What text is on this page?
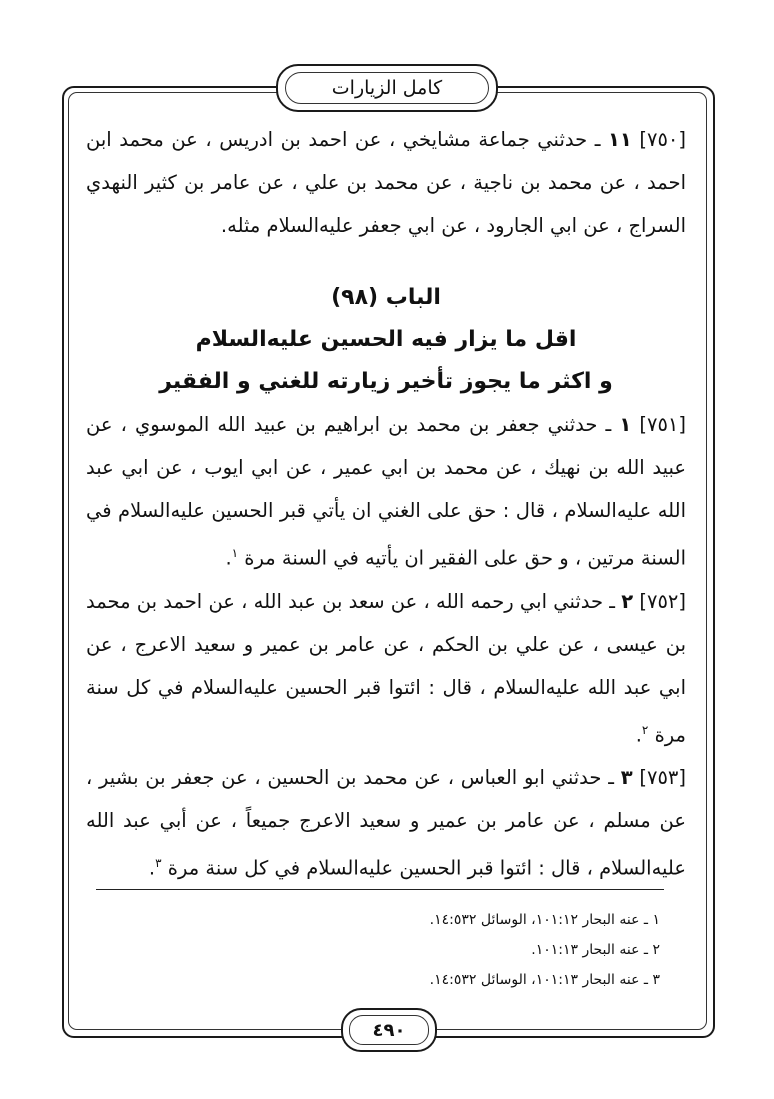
كامل الزيارات

[٧٥٠] ١١ ـ حدثني جماعة مشايخي ، عن احمد بن ادريس ، عن محمد ابن احمد ، عن محمد بن ناجية ، عن محمد بن علي ، عن عامر بن كثير النهدي السراج ، عن ابي الجارود ، عن ابي جعفر عليه‌السلام مثله.

الباب (٩٨)
اقل ما يزار فيه الحسين عليه‌السلام
و اكثر ما يجوز تأخير زيارته للغني و الفقير

[٧٥١] ١ ـ حدثني جعفر بن محمد بن ابراهيم بن عبيد الله الموسوي ، عن عبيد الله بن نهيك ، عن محمد بن ابي عمير ، عن ابي ايوب ، عن ابي عبد الله عليه‌السلام ، قال : حق على الغني ان يأتي قبر الحسين عليه‌السلام في السنة مرتين ، و حق على الفقير ان يأتيه في السنة مرة $^١$.

[٧٥٢] ٢ ـ حدثني ابي رحمه الله ، عن سعد بن عبد الله ، عن احمد بن محمد بن عيسى ، عن علي بن الحكم ، عن عامر بن عمير و سعيد الاعرج ، عن ابي عبد الله عليه‌السلام ، قال : ائتوا قبر الحسين عليه‌السلام في كل سنة مرة $^٢$.

[٧٥٣] ٣ ـ حدثني ابو العباس ، عن محمد بن الحسين ، عن جعفر بن بشير ، عن مسلم ، عن عامر بن عمير و سعيد الاعرج جميعاً ، عن أبي عبد الله عليه‌السلام ، قال : ائتوا قبر الحسين عليه‌السلام في كل سنة مرة $^٣$.

١ ـ عنه البحار ١٠١:١٢، الوسائل ١٤:٥٣٢.
٢ ـ عنه البحار ١٠١:١٣.
٣ ـ عنه البحار ١٠١:١٣، الوسائل ١٤:٥٣٢.
٤٩٠
